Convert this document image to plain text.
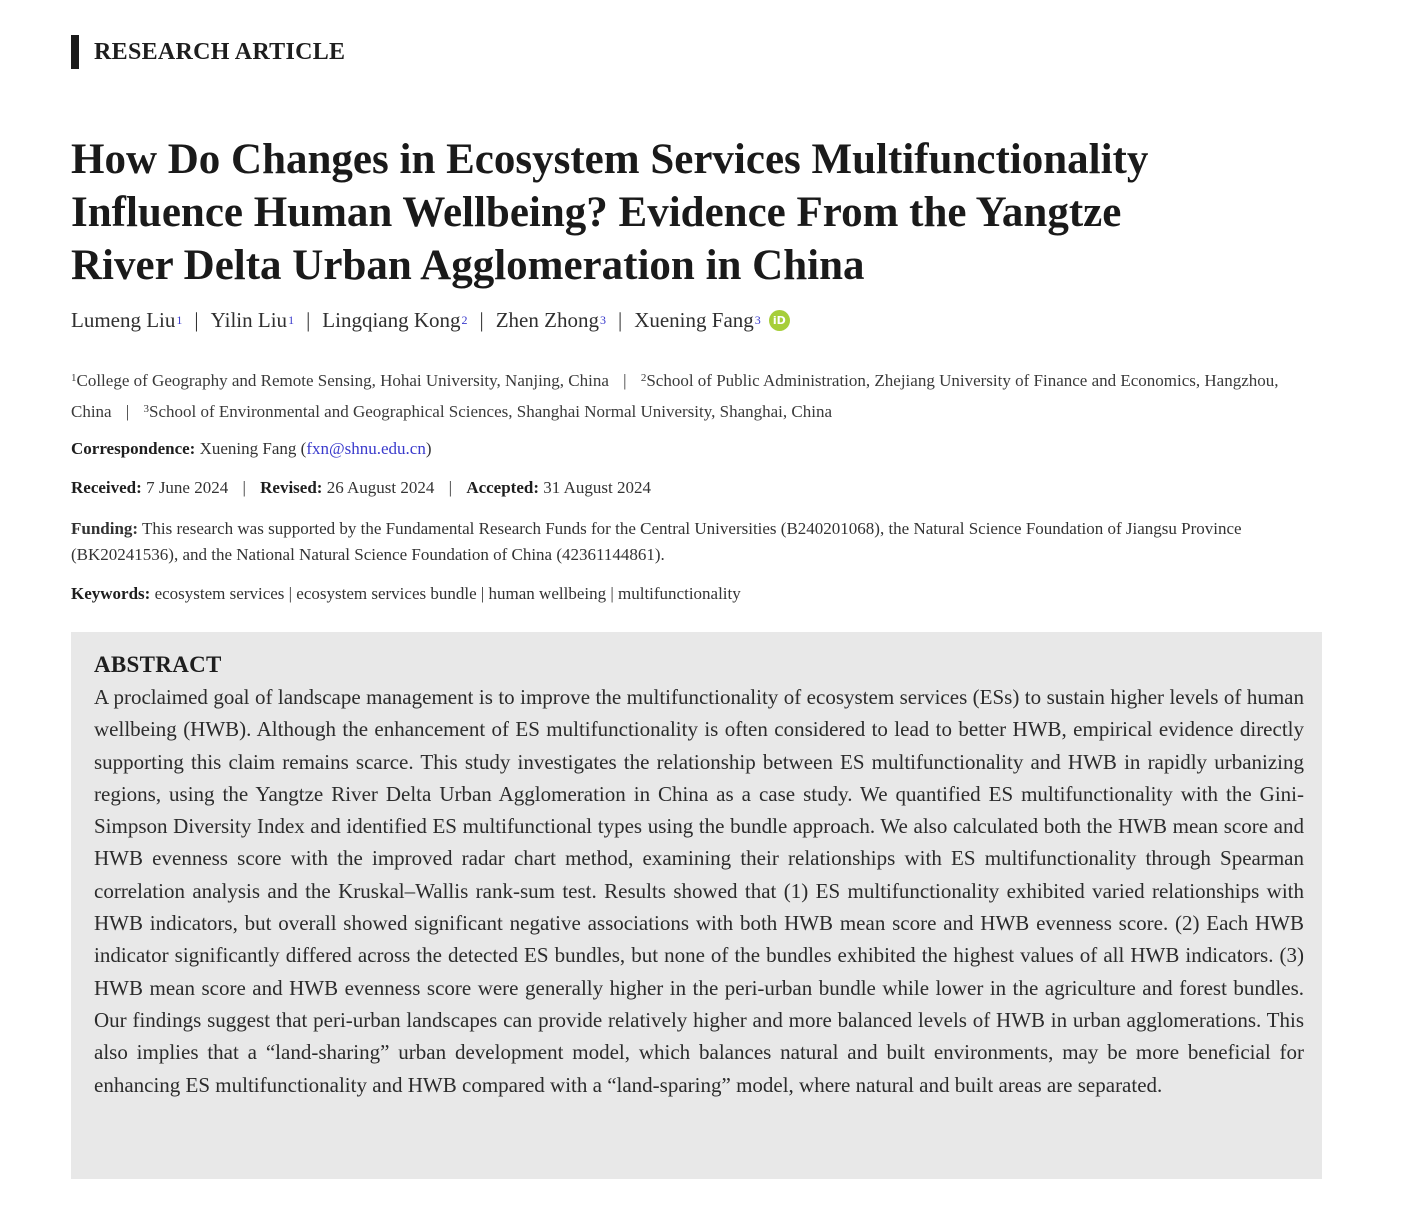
RESEARCH ARTICLE
How Do Changes in Ecosystem Services Multifunctionality
Influence Human Wellbeing? Evidence From the Yangtze
River Delta Urban Agglomeration in China
Lumeng Liu 1 | Yilin Liu 1 | Lingqiang Kong 2 | Zhen Zhong 3 | Xuening Fang 3	iD
$^1$College of Geography and Remote Sensing, Hohai University, Nanjing, China | $^2$School of Public Administration, Zhejiang University of Finance and Economics, Hangzhou, China | $^3$School of Environmental and Geographical Sciences, Shanghai Normal University, Shanghai, China
Correspondence: Xuening Fang (fxn@shnu.edu.cn)
Received: 7 June 2024 | Revised: 26 August 2024 | Accepted: 31 August 2024
Funding: This research was supported by the Fundamental Research Funds for the Central Universities (B240201068), the Natural Science Foundation of Jiangsu Province (BK20241536), and the National Natural Science Foundation of China (42361144861).
Keywords: ecosystem services | ecosystem services bundle | human wellbeing | multifunctionality
ABSTRACT

A proclaimed goal of landscape management is to improve the multifunctionality of ecosystem services (ESs) to sustain higher levels of human wellbeing (HWB). Although the enhancement of ES multifunctionality is often considered to lead to better HWB, empirical evidence directly supporting this claim remains scarce. This study investigates the relationship between ES multifunctionality and HWB in rapidly urbanizing regions, using the Yangtze River Delta Urban Agglomeration in China as a case study. We quantified ES multifunctionality with the Gini-Simpson Diversity Index and identified ES multifunctional types using the bundle approach. We also calculated both the HWB mean score and HWB evenness score with the improved radar chart method, examining their relationships with ES multifunctionality through Spearman correlation analysis and the Kruskal–Wallis rank-sum test. Results showed that (1) ES multifunctionality exhibited varied relationships with HWB indicators, but overall showed significant negative associations with both HWB mean score and HWB evenness score. (2) Each HWB indicator significantly differed across the detected ES bundles, but none of the bundles exhibited the highest values of all HWB indicators. (3) HWB mean score and HWB evenness score were generally higher in the peri-urban bundle while lower in the agriculture and forest bundles. Our findings suggest that peri-urban landscapes can provide relatively higher and more balanced levels of HWB in urban agglomerations. This also implies that a “land-sharing” urban development model, which balances natural and built environments, may be more beneficial for enhancing ES multifunctionality and HWB compared with a “land-sparing” model, where natural and built areas are separated.
